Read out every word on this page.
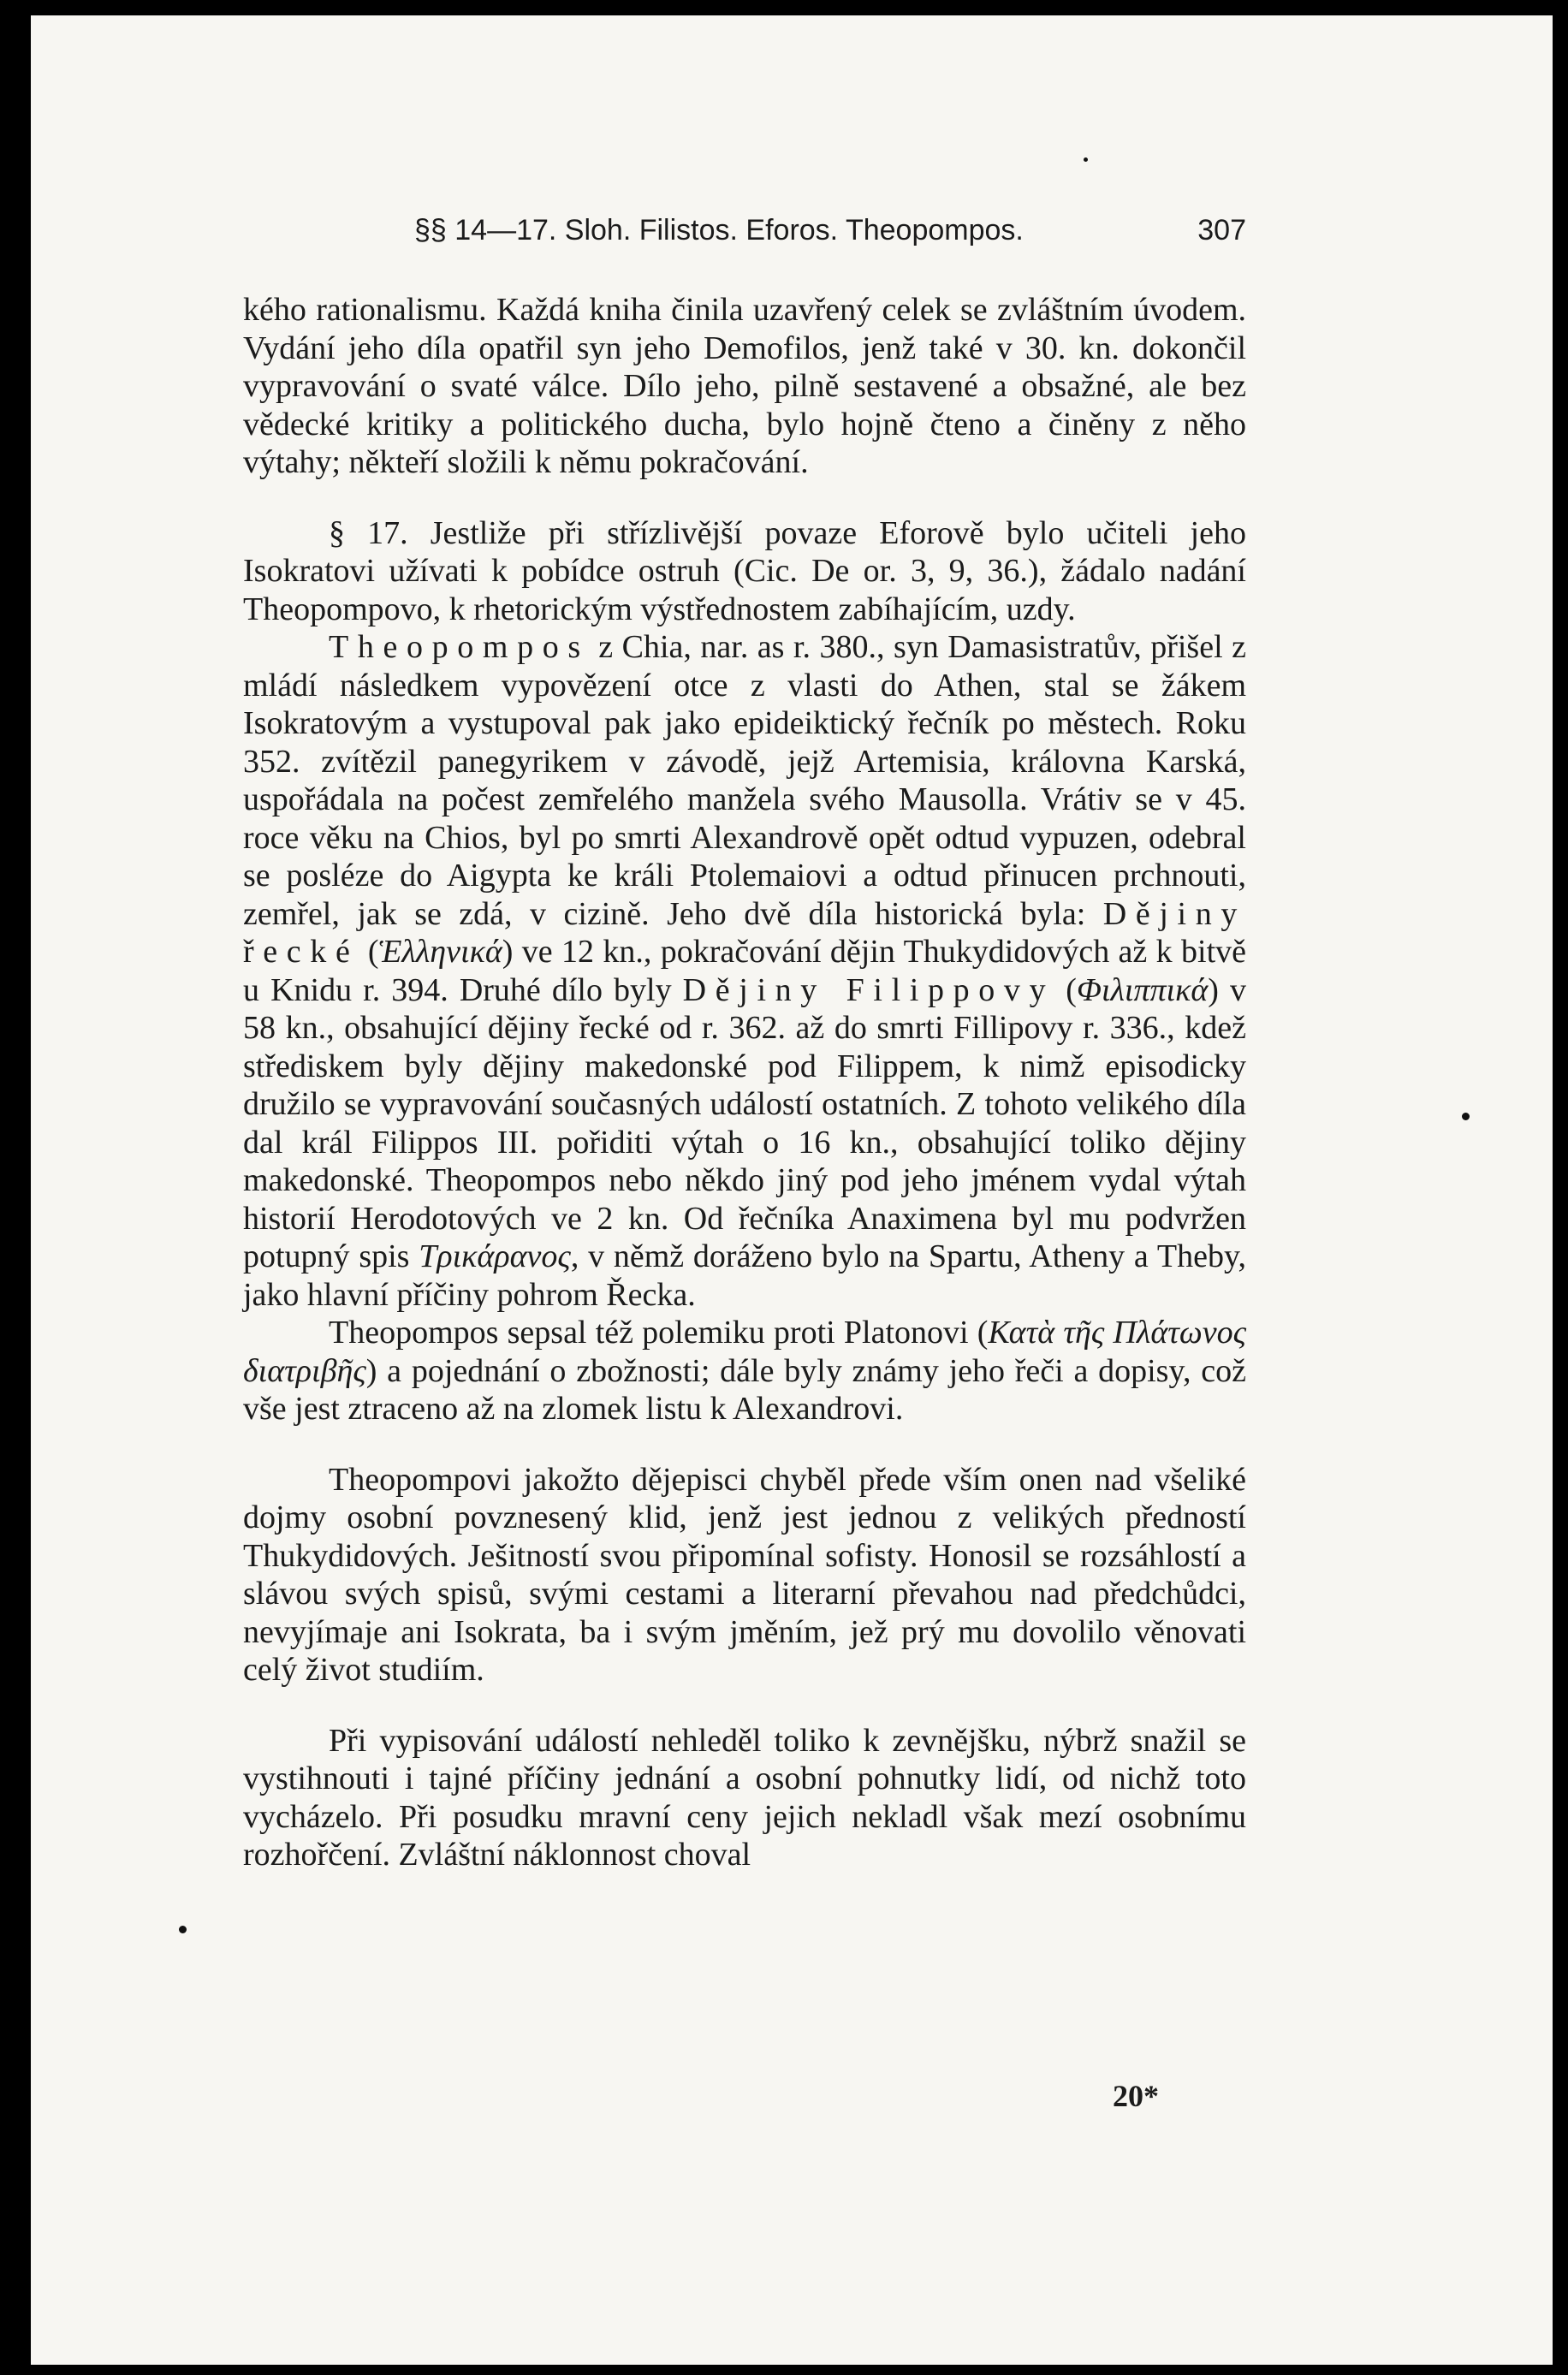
§§ 14—17. Sloh. Filistos. Eforos. Theopompos.	307

kého rationalismu. Každá kniha činila uzavřený celek se zvláštním úvodem. Vydání jeho díla opatřil syn jeho Demofilos, jenž také v 30. kn. dokončil vypravování o svaté válce. Dílo jeho, pilně sestavené a obsažné, ale bez vědecké kritiky a politického ducha, bylo hojně čteno a činěny z něho výtahy; někteří složili k němu pokračování.

§ 17. Jestliže při střízlivější povaze Eforově bylo učiteli jeho Isokratovi užívati k pobídce ostruh (Cic. De or. 3, 9, 36.), žádalo nadání Theopompovo, k rhetorickým výstřednostem zabíhajícím, uzdy.

Theopompos z Chia, nar. as r. 380., syn Damasistratův, přišel z mládí následkem vypovězení otce z vlasti do Athen, stal se žákem Isokratovým a vystupoval pak jako epideiktický řečník po městech. Roku 352. zvítězil panegyrikem v závodě, jejž Artemisia, královna Karská, uspořádala na počest zemřelého manžela svého Mausolla. Vrátiv se v 45. roce věku na Chios, byl po smrti Alexandrově opět odtud vypuzen, odebral se posléze do Aigypta ke králi Ptolemaiovi a odtud přinucen prchnouti, zemřel, jak se zdá, v cizině. Jeho dvě díla historická byla: Dějiny řecké (Ἑλληνικά) ve 12 kn., pokračování dějin Thukydidových až k bitvě u Knidu r. 394. Druhé dílo byly Dějiny Filippovy (Φιλιππικά) v 58 kn., obsahující dějiny řecké od r. 362. až do smrti Fillipovy r. 336., kdež střediskem byly dějiny makedonské pod Filippem, k nimž episodicky družilo se vypravování současných událostí ostatních. Z tohoto velikého díla dal král Filippos III. pořiditi výtah o 16 kn., obsahující toliko dějiny makedonské. Theopompos nebo někdo jiný pod jeho jménem vydal výtah historií Herodotových ve 2 kn. Od řečníka Anaximena byl mu podvržen potupný spis Τρικάρανος, v němž doráženo bylo na Spartu, Atheny a Theby, jako hlavní příčiny pohrom Řecka.

Theopompos sepsal též polemiku proti Platonovi (Κατὰ τῆς Πλάτωνος διατριβῆς) a pojednání o zbožnosti; dále byly známy jeho řeči a dopisy, což vše jest ztraceno až na zlomek listu k Alexandrovi.

Theopompovi jakožto dějepisci chyběl přede vším onen nad všeliké dojmy osobní povznesený klid, jenž jest jednou z velikých předností Thukydidových. Ješitností svou připomínal sofisty. Honosil se rozsáhlostí a slávou svých spisů, svými cestami a literarní převahou nad předchůdci, nevyjímaje ani Isokrata, ba i svým jměním, jež prý mu dovolilo věnovati celý život studiím.

Při vypisování událostí nehleděl toliko k zevnějšku, nýbrž snažil se vystihnouti i tajné příčiny jednání a osobní pohnutky lidí, od nichž toto vycházelo. Při posudku mravní ceny jejich nekladl však mezí osobnímu rozhořčení. Zvláštní náklonnost choval

20*
